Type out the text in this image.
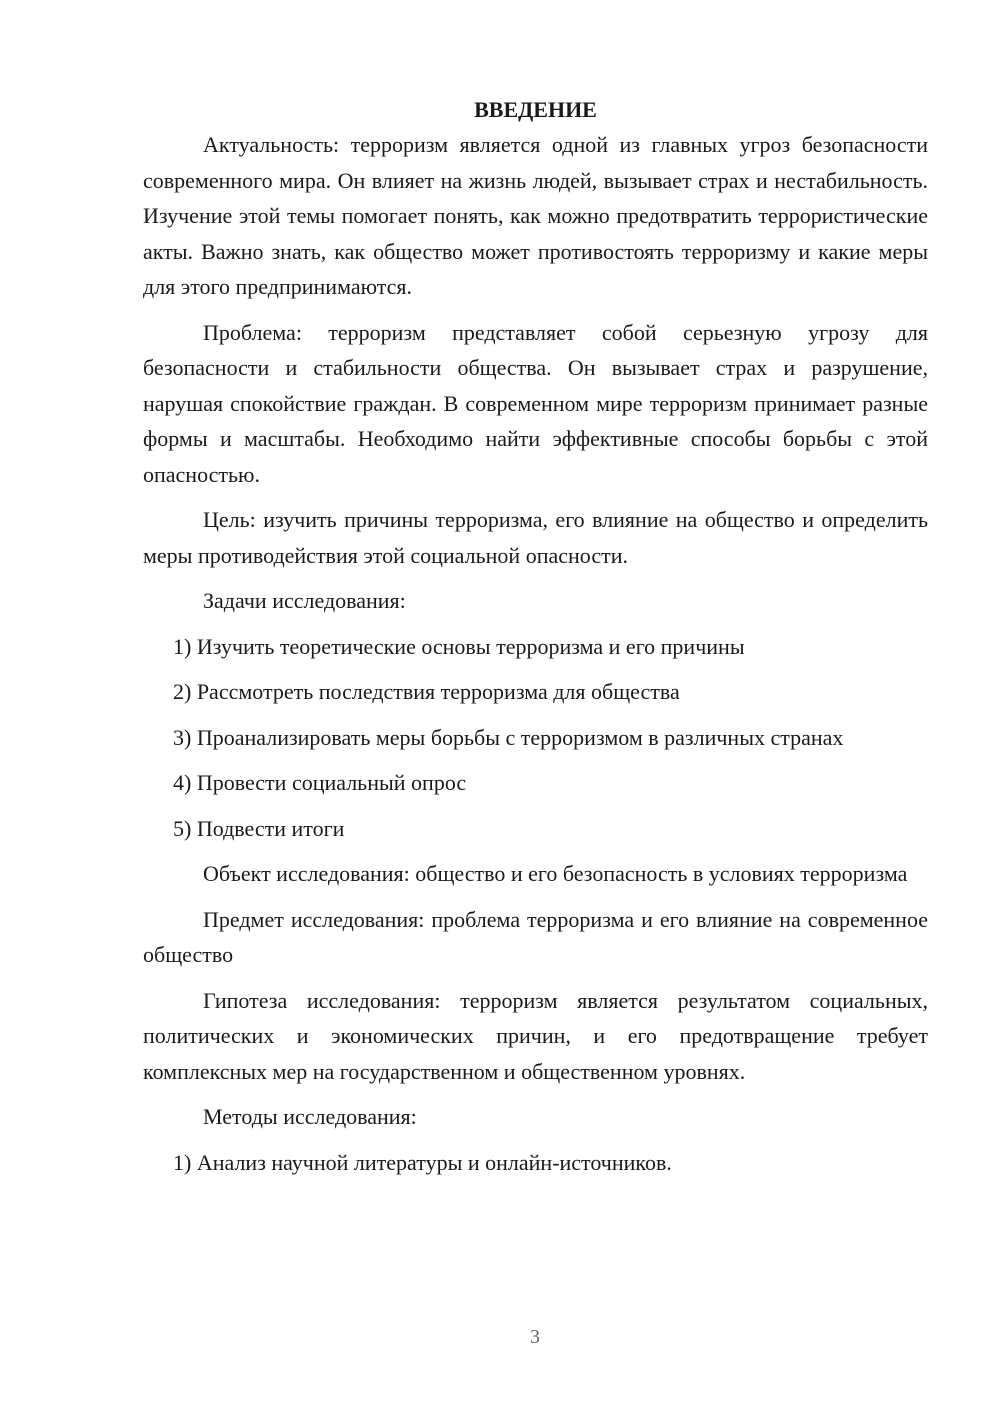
ВВЕДЕНИЕ

Актуальность: терроризм является одной из главных угроз безопасности современного мира. Он влияет на жизнь людей, вызывает страх и нестабильность. Изучение этой темы помогает понять, как можно предотвратить террористические акты. Важно знать, как общество может противостоять терроризму и какие меры для этого предпринимаются.

Проблема: терроризм представляет собой серьезную угрозу для безопасности и стабильности общества. Он вызывает страх и разрушение, нарушая спокойствие граждан. В современном мире терроризм принимает разные формы и масштабы. Необходимо найти эффективные способы борьбы с этой опасностью.

Цель: изучить причины терроризма, его влияние на общество и определить меры противодействия этой социальной опасности.

Задачи исследования:

1) Изучить теоретические основы терроризма и его причины

2) Рассмотреть последствия терроризма для общества

3) Проанализировать меры борьбы с терроризмом в различных странах

4) Провести социальный опрос

5) Подвести итоги

Объект исследования: общество и его безопасность в условиях терроризма

Предмет исследования: проблема терроризма и его влияние на современное общество

Гипотеза исследования: терроризм является результатом социальных, политических и экономических причин, и его предотвращение требует комплексных мер на государственном и общественном уровнях.

Методы исследования:

1) Анализ научной литературы и онлайн-источников.

3
